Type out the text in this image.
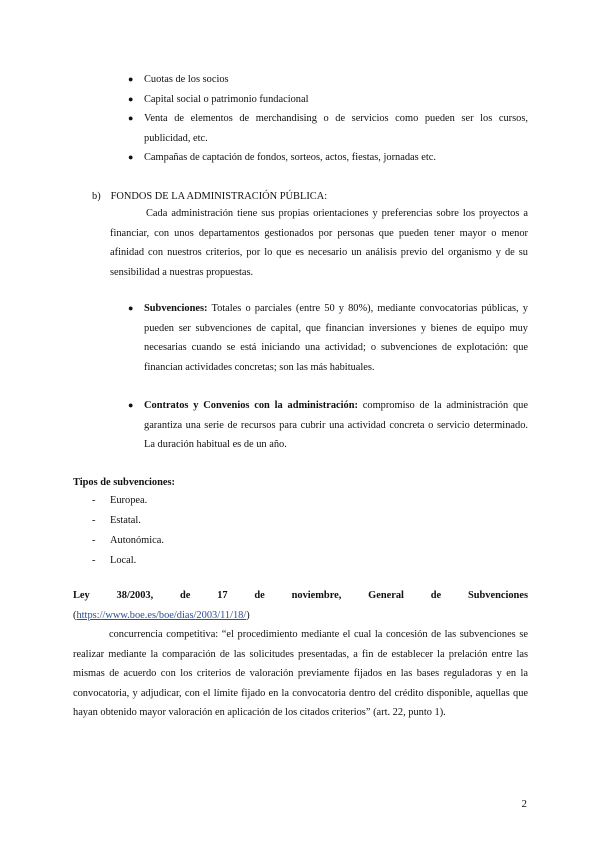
● Cuotas de los socios
● Capital social o patrimonio fundacional
● Venta de elementos de merchandising o de servicios como pueden ser los cursos, publicidad, etc.
● Campañas de captación de fondos, sorteos, actos, fiestas, jornadas etc.
b) FONDOS DE LA ADMINISTRACIÓN PÚBLICA:
Cada administración tiene sus propias orientaciones y preferencias sobre los proyectos a financiar, con unos departamentos gestionados por personas que pueden tener mayor o menor afinidad con nuestros criterios, por lo que es necesario un análisis previo del organismo y de su sensibilidad a nuestras propuestas.
● Subvenciones: Totales o parciales (entre 50 y 80%), mediante convocatorias públicas, y pueden ser subvenciones de capital, que financian inversiones y bienes de equipo muy necesarias cuando se está iniciando una actividad; o subvenciones de explotación: que financian actividades concretas; son las más habituales.
● Contratos y Convenios con la administración: compromiso de la administración que garantiza una serie de recursos para cubrir una actividad concreta o servicio determinado. La duración habitual es de un año.
Tipos de subvenciones:
- Europea.
- Estatal.
- Autonómica.
- Local.
Ley	38/2003,	de	17	de	noviembre,	General	de	Subvenciones
(https://www.boe.es/boe/dias/2003/11/18/)
concurrencia competitiva: “el procedimiento mediante el cual la concesión de las subvenciones se realizar mediante la comparación de las solicitudes presentadas, a fin de establecer la prelación entre las mismas de acuerdo con los criterios de valoración previamente fijados en las bases reguladoras y en la convocatoria, y adjudicar, con el límite fijado en la convocatoria dentro del crédito disponible, aquellas que hayan obtenido mayor valoración en aplicación de los citados criterios” (art. 22, punto 1).
2
